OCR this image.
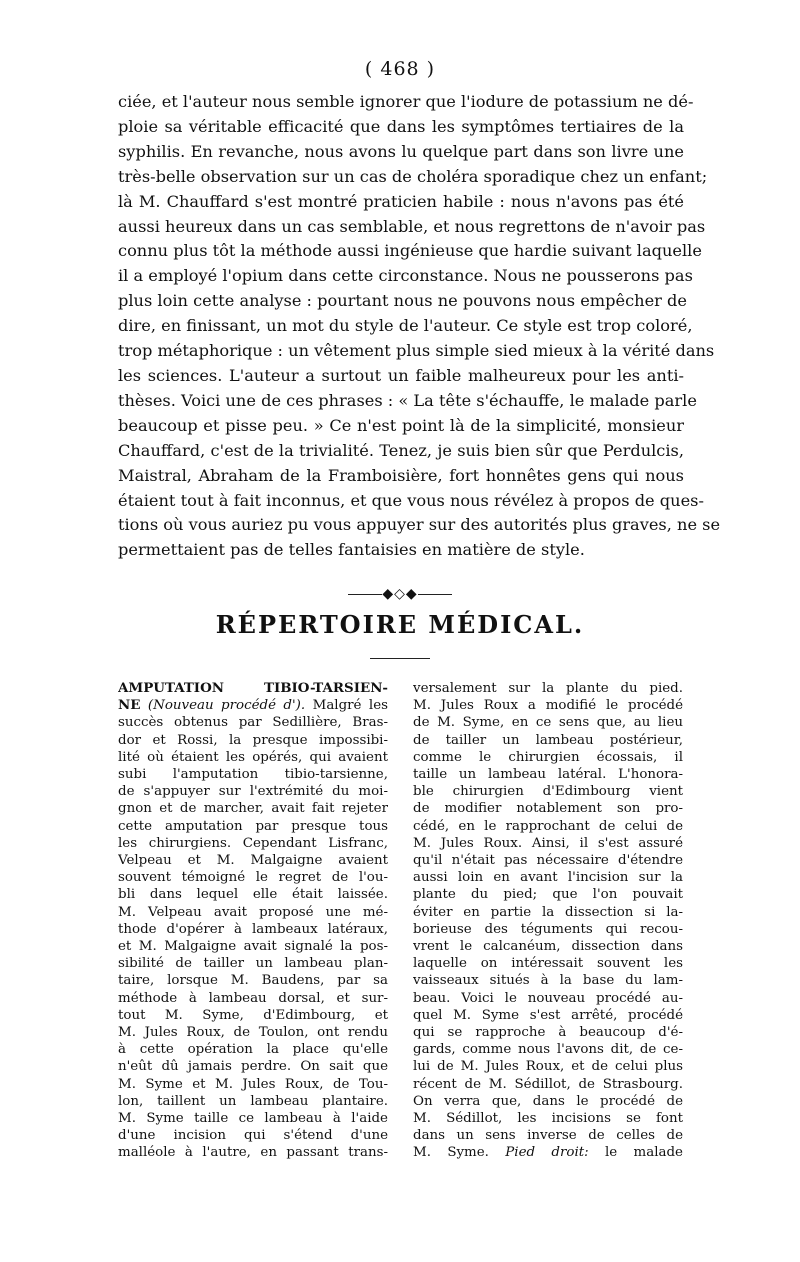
( 468 )
ciée, et l'auteur nous semble ignorer que l'iodure de potassium ne dé-
ploie sa véritable efficacité que dans les symptômes tertiaires de la
syphilis. En revanche, nous avons lu quelque part dans son livre une
très-belle observation sur un cas de choléra sporadique chez un enfant;
là M. Chauffard s'est montré praticien habile : nous n'avons pas été
aussi heureux dans un cas semblable, et nous regrettons de n'avoir pas
connu plus tôt la méthode aussi ingénieuse que hardie suivant laquelle
il a employé l'opium dans cette circonstance. Nous ne pousserons pas
plus loin cette analyse : pourtant nous ne pouvons nous empêcher de
dire, en finissant, un mot du style de l'auteur. Ce style est trop coloré,
trop métaphorique : un vêtement plus simple sied mieux à la vérité dans
les sciences. L'auteur a surtout un faible malheureux pour les anti-
thèses. Voici une de ces phrases : « La tête s'échauffe, le malade parle
beaucoup et pisse peu. » Ce n'est point là de la simplicité, monsieur
Chauffard, c'est de la trivialité. Tenez, je suis bien sûr que Perdulcis,
Maistral, Abraham de la Framboisière, fort honnêtes gens qui nous
étaient tout à fait inconnus, et que vous nous révélez à propos de ques-
tions où vous auriez pu vous appuyer sur des autorités plus graves, ne se
permettaient pas de telles fantaisies en matière de style.
◆◇◆
RÉPERTOIRE MÉDICAL.
AMPUTATION TIBIO-TARSIEN-
NE (Nouveau procédé d'). Malgré les
succès obtenus par Sedillière, Bras-
dor et Rossi, la presque impossibi-
lité où étaient les opérés, qui avaient
subi l'amputation tibio-tarsienne,
de s'appuyer sur l'extrémité du moi-
gnon et de marcher, avait fait rejeter
cette amputation par presque tous
les chirurgiens. Cependant Lisfranc,
Velpeau et M. Malgaigne avaient
souvent témoigné le regret de l'ou-
bli dans lequel elle était laissée.
M. Velpeau avait proposé une mé-
thode d'opérer à lambeaux latéraux,
et M. Malgaigne avait signalé la pos-
sibilité de tailler un lambeau plan-
taire, lorsque M. Baudens, par sa
méthode à lambeau dorsal, et sur-
tout M. Syme, d'Edimbourg, et
M. Jules Roux, de Toulon, ont rendu
à cette opération la place qu'elle
n'eût dû jamais perdre. On sait que
M. Syme et M. Jules Roux, de Tou-
lon, taillent un lambeau plantaire.
M. Syme taille ce lambeau à l'aide
d'une incision qui s'étend d'une
malléole à l'autre, en passant trans-
versalement sur la plante du pied.
M. Jules Roux a modifié le procédé
de M. Syme, en ce sens que, au lieu
de tailler un lambeau postérieur,
comme le chirurgien écossais, il
taille un lambeau latéral. L'honora-
ble chirurgien d'Edimbourg vient
de modifier notablement son pro-
cédé, en le rapprochant de celui de
M. Jules Roux. Ainsi, il s'est assuré
qu'il n'était pas nécessaire d'étendre
aussi loin en avant l'incision sur la
plante du pied; que l'on pouvait
éviter en partie la dissection si la-
borieuse des téguments qui recou-
vrent le calcanéum, dissection dans
laquelle on intéressait souvent les
vaisseaux situés à la base du lam-
beau. Voici le nouveau procédé au-
quel M. Syme s'est arrêté, procédé
qui se rapproche à beaucoup d'é-
gards, comme nous l'avons dit, de ce-
lui de M. Jules Roux, et de celui plus
récent de M. Sédillot, de Strasbourg.
On verra que, dans le procédé de
M. Sédillot, les incisions se font
dans un sens inverse de celles de
M. Syme. Pied droit: le malade
